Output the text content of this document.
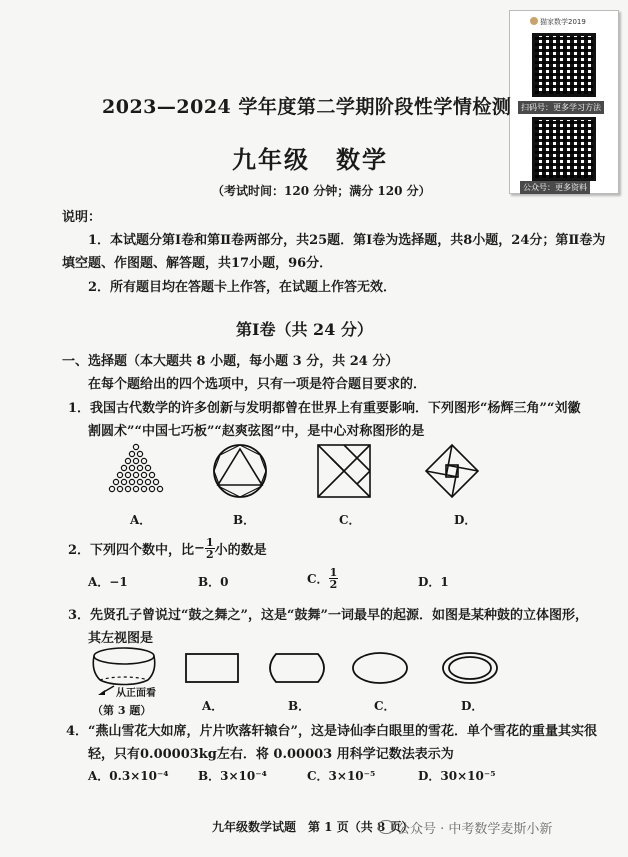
猫家数学2019
扫码号：更多学习方法
公众号：更多资料
2023—2024 学年度第二学期阶段性学情检测
九年级　数学
（考试时间：120 分钟；满分 120 分）
说明：
1．本试题分第Ⅰ卷和第Ⅱ卷两部分，共25题．第Ⅰ卷为选择题，共8小题，24分；第Ⅱ卷为
填空题、作图题、解答题，共17小题，96分．
2．所有题目均在答题卡上作答，在试题上作答无效．
第Ⅰ卷（共 24 分）
一、选择题（本大题共 8 小题，每小题 3 分，共 24 分）
在每个题给出的四个选项中，只有一项是符合题目要求的．
1．我国古代数学的许多创新与发明都曾在世界上有重要影响．下列图形“杨辉三角”“刘徽
割圆术”“中国七巧板”“赵爽弦图”中，是中心对称图形的是
A．	B．	C．	D．
2．下列四个数中，比 − $\frac{1}{2}$ 小的数是
A．−1	B．0	C． $\frac{1}{2}$	D．1
3．先贤孔子曾说过“鼓之舞之”，这是“鼓舞”一词最早的起源．如图是某种鼓的立体图形，
其左视图是
从正面看
（第 3 题）	A．	B．	C．	D．
4．“燕山雪花大如席，片片吹落轩辕台”，这是诗仙李白眼里的雪花．单个雪花的重量其实很
轻，只有0.00003kg左右．将 0.00003 用科学记数法表示为
A．0.3×10⁻⁴ B．3×10⁻⁴	C．3×10⁻⁵	D．30×10⁻⁵
九年级数学试题　第 1 页（共 8 页）
公众号 · 中考数学麦斯小新
